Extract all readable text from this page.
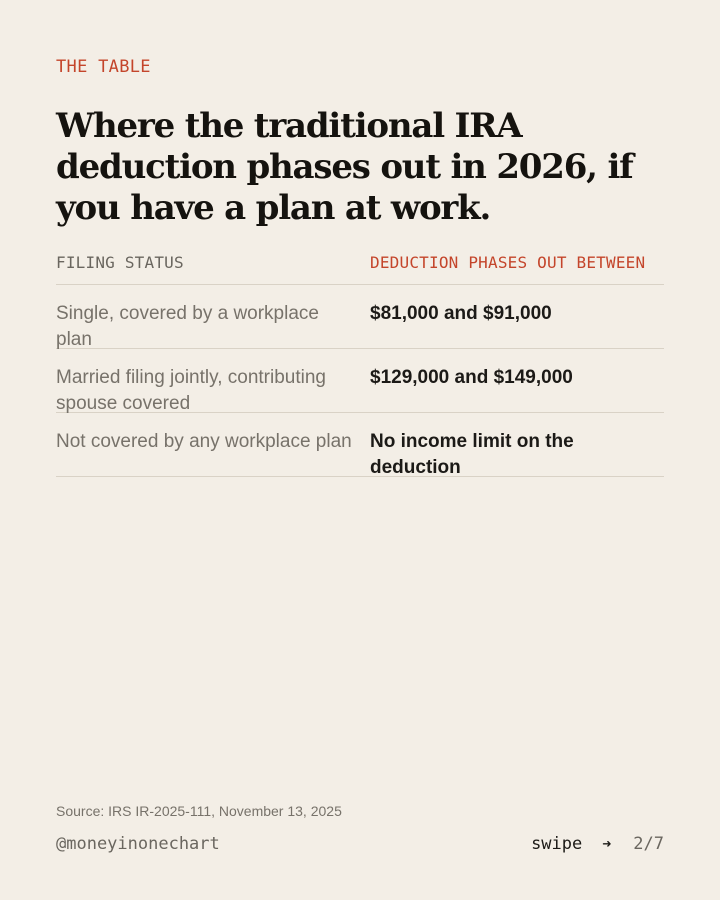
THE TABLE
Where the traditional IRA deduction phases out in 2026, if you have a plan at work.
FILING STATUS	DEDUCTION PHASES OUT BETWEEN
Single, covered by a workplace plan
$81,000 and $91,000
Married filing jointly, contributing spouse covered
$129,000 and $149,000
Not covered by any workplace plan No income limit on the deduction
Source: IRS IR-2025-111, November 13, 2025
@moneyinonechart	swipe ➜ 2/7
